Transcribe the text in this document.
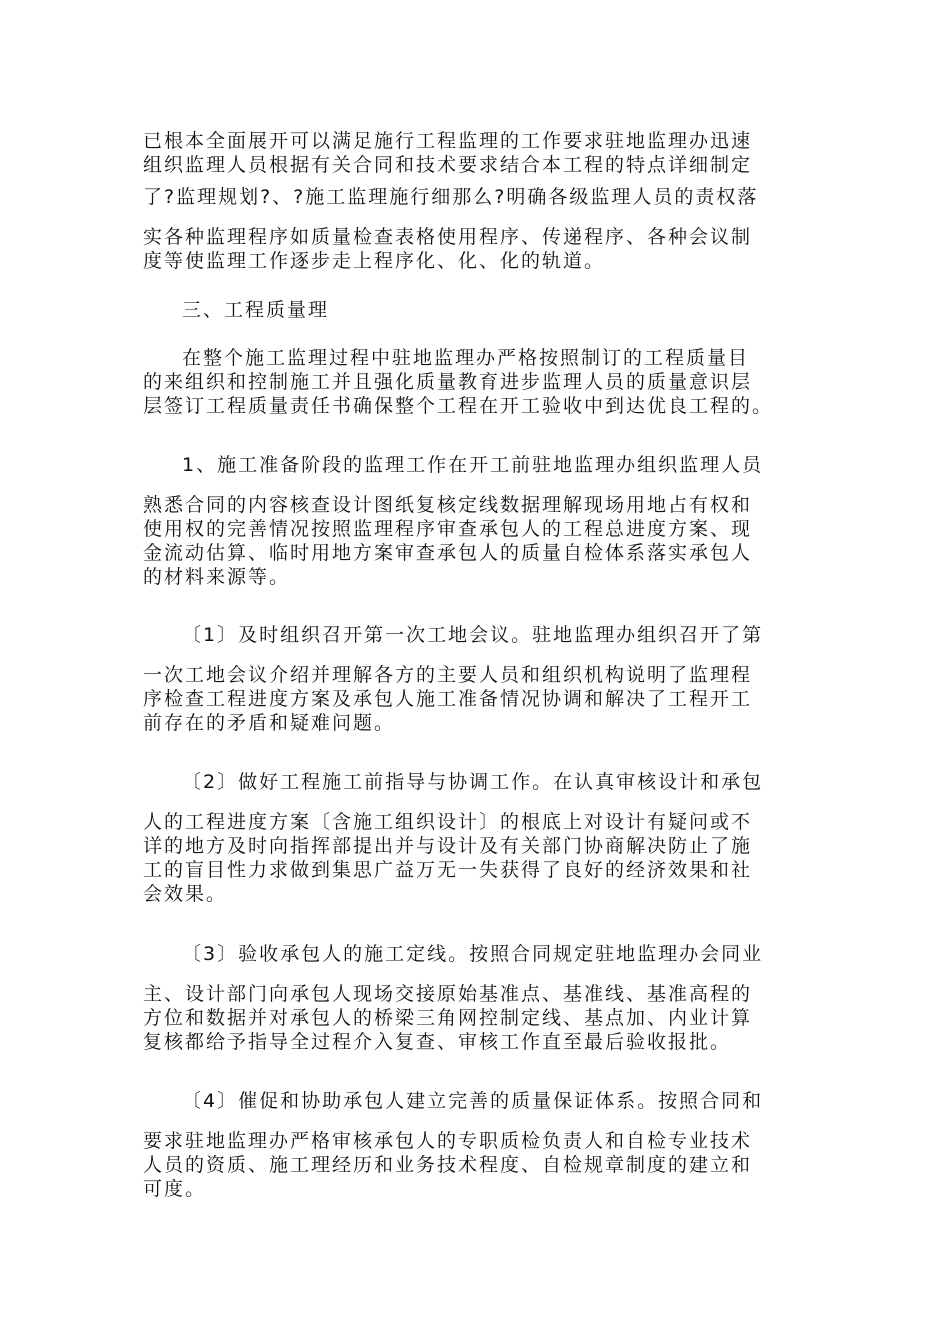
已根本全面展开可以满足施行工程监理的工作要求驻地监理办迅速
组织监理人员根据有关合同和技术要求结合本工程的特点详细制定
了?监理规划?、?施工监理施行细那么?明确各级监理人员的责权落
实各种监理程序如质量检查表格使用程序、传递程序、各种会议制
度等使监理工作逐步走上程序化、化、化的轨道。
三、工程质量理
在整个施工监理过程中驻地监理办严格按照制订的工程质量目
的来组织和控制施工并且强化质量教育进步监理人员的质量意识层
层签订工程质量责任书确保整个工程在开工验收中到达优良工程的。
1、施工准备阶段的监理工作在开工前驻地监理办组织监理人员
熟悉合同的内容核查设计图纸复核定线数据理解现场用地占有权和
使用权的完善情况按照监理程序审查承包人的工程总进度方案、现
金流动估算、临时用地方案审查承包人的质量自检体系落实承包人
的材料来源等。
〔1〕及时组织召开第一次工地会议。驻地监理办组织召开了第
一次工地会议介绍并理解各方的主要人员和组织机构说明了监理程
序检查工程进度方案及承包人施工准备情况协调和解决了工程开工
前存在的矛盾和疑难问题。
〔2〕做好工程施工前指导与协调工作。在认真审核设计和承包
人的工程进度方案〔含施工组织设计〕的根底上对设计有疑问或不
详的地方及时向指挥部提出并与设计及有关部门协商解决防止了施
工的盲目性力求做到集思广益万无一失获得了良好的经济效果和社
会效果。
〔3〕验收承包人的施工定线。按照合同规定驻地监理办会同业
主、设计部门向承包人现场交接原始基准点、基准线、基准高程的
方位和数据并对承包人的桥梁三角网控制定线、基点加、内业计算
复核都给予指导全过程介入复查、审核工作直至最后验收报批。
〔4〕催促和协助承包人建立完善的质量保证体系。按照合同和
要求驻地监理办严格审核承包人的专职质检负责人和自检专业技术
人员的资质、施工理经历和业务技术程度、自检规章制度的建立和
可度。
